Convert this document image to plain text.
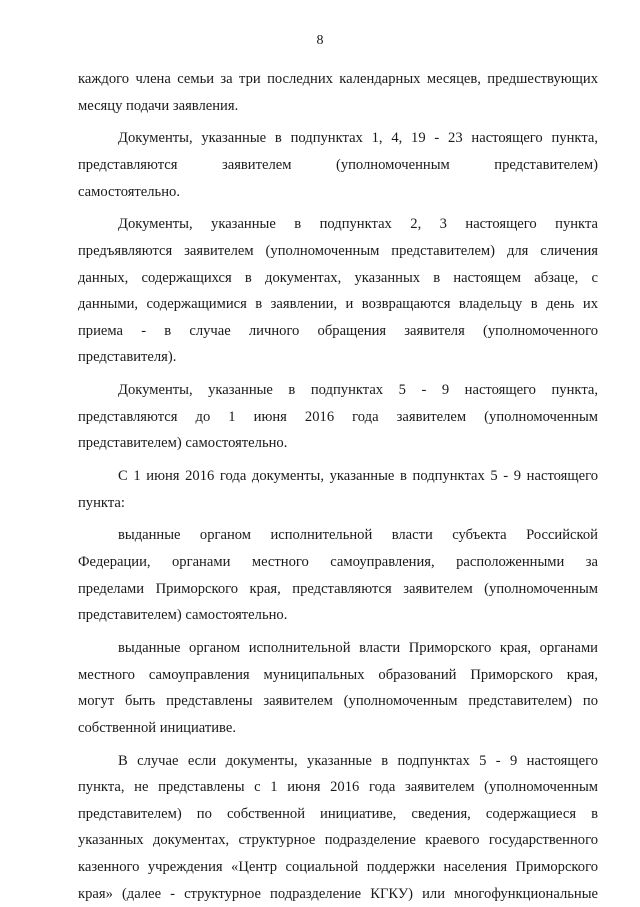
8
каждого члена семьи за три последних календарных месяцев, предшествующих
месяцу подачи заявления.
Документы, указанные в подпунктах 1, 4, 19 - 23 настоящего пункта,
представляются заявителем (уполномоченным представителем)
самостоятельно.
Документы, указанные в подпунктах 2, 3 настоящего пункта
предъявляются заявителем (уполномоченным представителем) для сличения
данных, содержащихся в документах, указанных в настоящем абзаце, с
данными, содержащимися в заявлении, и возвращаются владельцу в день их
приема - в случае личного обращения заявителя (уполномоченного
представителя).
Документы, указанные в подпунктах 5 - 9 настоящего пункта,
представляются до 1 июня 2016 года заявителем (уполномоченным
представителем) самостоятельно.
С 1 июня 2016 года документы, указанные в подпунктах 5 - 9 настоящего
пункта:
выданные органом исполнительной власти субъекта Российской
Федерации, органами местного самоуправления, расположенными за
пределами Приморского края, представляются заявителем (уполномоченным
представителем) самостоятельно.
выданные органом исполнительной власти Приморского края, органами
местного самоуправления муниципальных образований Приморского края,
могут быть представлены заявителем (уполномоченным представителем) по
собственной инициативе.
В случае если документы, указанные в подпунктах 5 - 9 настоящего
пункта, не представлены с 1 июня 2016 года заявителем (уполномоченным
представителем) по собственной инициативе, сведения, содержащиеся в
указанных документах, структурное подразделение краевого государственного
казенного учреждения «Центр социальной поддержки населения Приморского
края» (далее - структурное подразделение КГКУ) или многофункциональные
